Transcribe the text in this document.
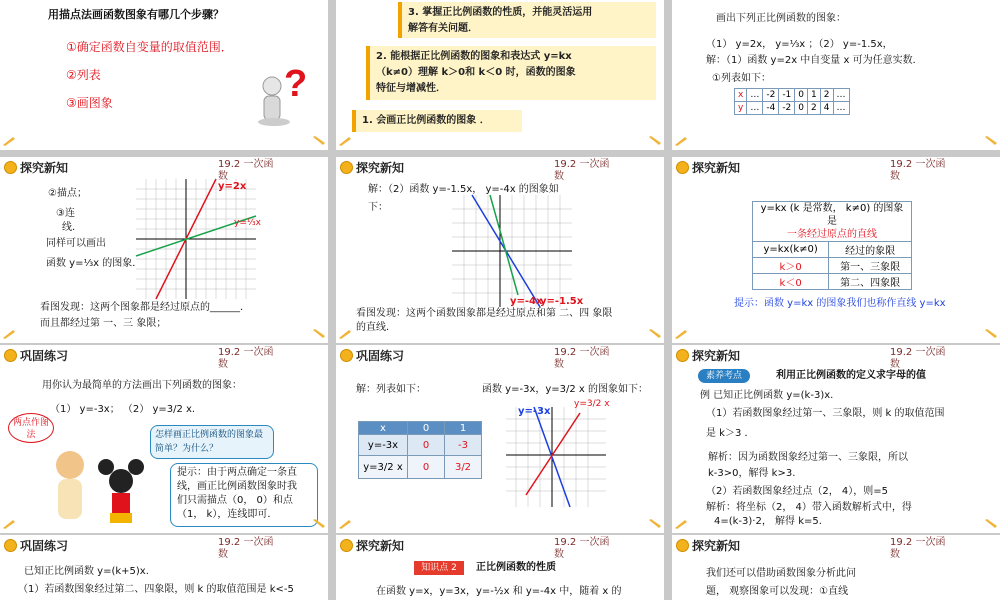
用描点法画函数图象有哪几个步骤？
①确定函数自变量的取值范围．
②列表
③画图象	?
3. 掌握正比例函数的性质，并能灵活运用
解答有关问题．
2. 能根据正比例函数的图象和表达式 y=kx
（k≠0）理解 k＞0和 k＜0 时，函数的图象
特征与增减性．
1. 会画正比例函数的图象 ．
画出下列正比例函数的图象：
（1） y=2x， y=⅓x ；（2） y=-1.5x，
解：（1）函数 y=2x 中自变量 x 可为任意实数．
①列表如下：
x	…	-2	-1	0	1	2	…
y	…	-4	-2	0	2	4	…
探究新知	19.2 一次函数
②描点；
③连
线．
同样可以画出
函数 y=⅓x 的图象．
y=2x
y=⅓x
看图发现：这两个图象都是经过原点的______．
而且都经过第 一、三 象限；
探究新知	19.2 一次函数
解：（2）函数 y=-1.5x， y=-4x 的图象如
下：
y=-4x
y=-1.5x
看图发现：这两个函数图象都是经过原点和第 二、四 象限
的直线．
探究新知	19.2 一次函数
y=kx (k 是常数， k≠0) 的图象是
一条经过原点的直线	

y=kx(k≠0)	经过的象限
k＞0	第一、三象限
k＜0	第二、四象限
提示：函数 y=kx 的图象我们也称作直线 y=kx
巩固练习	19.2 一次函数
用你认为最简单的方法画出下列函数的图象：
（1） y=-3x； （2） y=3/2 x.
两点作图法	怎样画正比例函数的图象最简单？为什么？
提示：由于两点确定一条直
线，画正比例函数图象时我
们只需描点（0， 0）和点
（1， k），连线即可．
巩固练习	19.2 一次函数
解：列表如下：	函数 y=-3x，y=3/2 x 的图象如下：
x	0	1
y=-3x	0	-3
y=3/2 x	0	3/2
y=-3x
y=3/2 x
探究新知	19.2 一次函数
素养考点	利用正比例函数的定义求字母的值
例 已知正比例函数 y=(k-3)x.
（1）若函数图象经过第一、三象限，则 k 的取值范围
是 k＞3 ．
解析：因为函数图象经过第一、三象限，所以
k-3>0，解得 k>3.
（2）若函数图象经过点（2， 4），则=5
解析：将坐标（2， 4）带入函数解析式中，得
4=(k-3)·2， 解得 k=5.
巩固练习	19.2 一次函数
已知正比例函数 y=(k+5)x.
（1）若函数图象经过第二、四象限，则 k 的取值范围是 k<-5
探究新知	19.2 一次函数
知识点 2	正比例函数的性质
在函数 y=x，y=3x，y=-½x 和 y=-4x 中，随着 x 的
探究新知	19.2 一次函数
我们还可以借助函数图象分析此问
题， 观察图象可以发现：①直线
